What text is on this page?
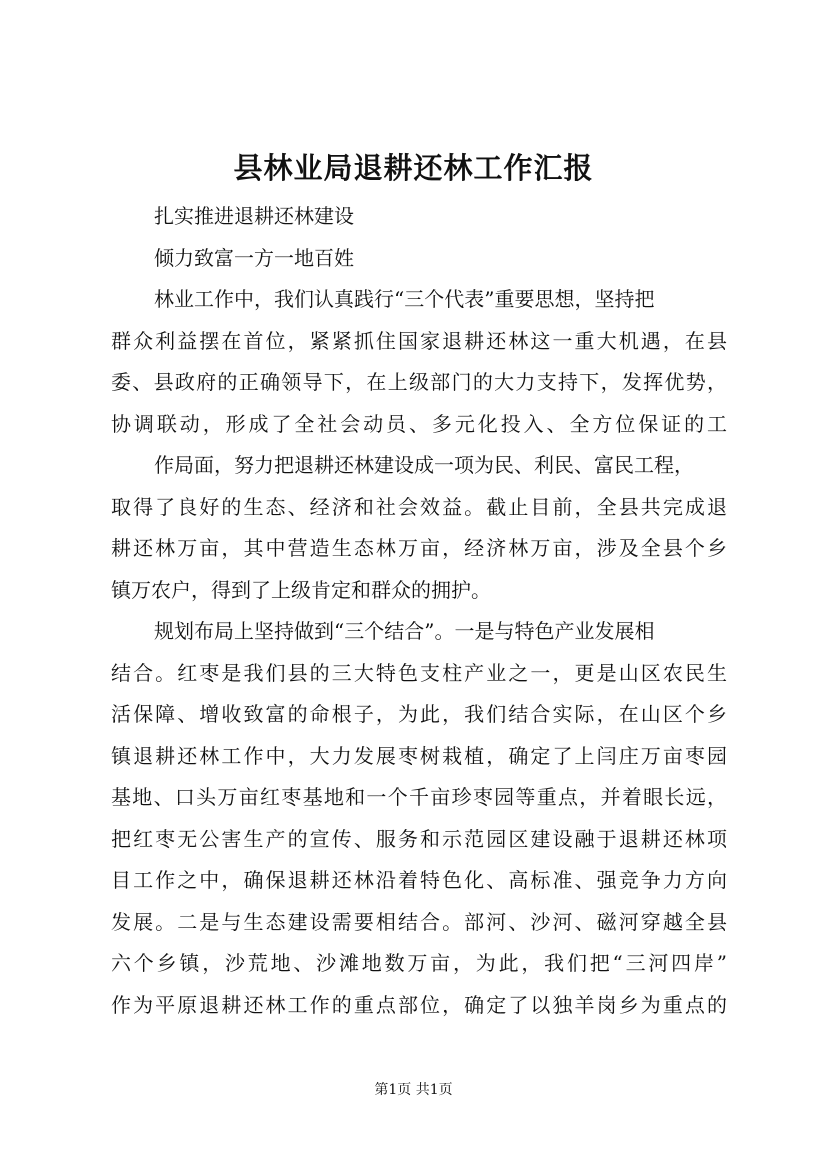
县林业局退耕还林工作汇报
扎实推进退耕还林建设
倾力致富一方一地百姓
林业工作中，我们认真践行“三个代表”重要思想，坚持把
群众利益摆在首位，紧紧抓住国家退耕还林这一重大机遇，在县
委、县政府的正确领导下，在上级部门的大力支持下，发挥优势，
协调联动，形成了全社会动员、多元化投入、全方位保证的工
作局面，努力把退耕还林建设成一项为民、利民、富民工程，
取得了良好的生态、经济和社会效益。截止目前，全县共完成退
耕还林万亩，其中营造生态林万亩，经济林万亩，涉及全县个乡
镇万农户，得到了上级肯定和群众的拥护。
规划布局上坚持做到“三个结合”。一是与特色产业发展相
结合。红枣是我们县的三大特色支柱产业之一，更是山区农民生
活保障、增收致富的命根子，为此，我们结合实际，在山区个乡
镇退耕还林工作中，大力发展枣树栽植，确定了上闫庄万亩枣园
基地、口头万亩红枣基地和一个千亩珍枣园等重点，并着眼长远，
把红枣无公害生产的宣传、服务和示范园区建设融于退耕还林项
目工作之中，确保退耕还林沿着特色化、高标准、强竞争力方向
发展。二是与生态建设需要相结合。部河、沙河、磁河穿越全县
六个乡镇，沙荒地、沙滩地数万亩，为此，我们把“三河四岸”
作为平原退耕还林工作的重点部位，确定了以独羊岗乡为重点的
第1页 共1页
